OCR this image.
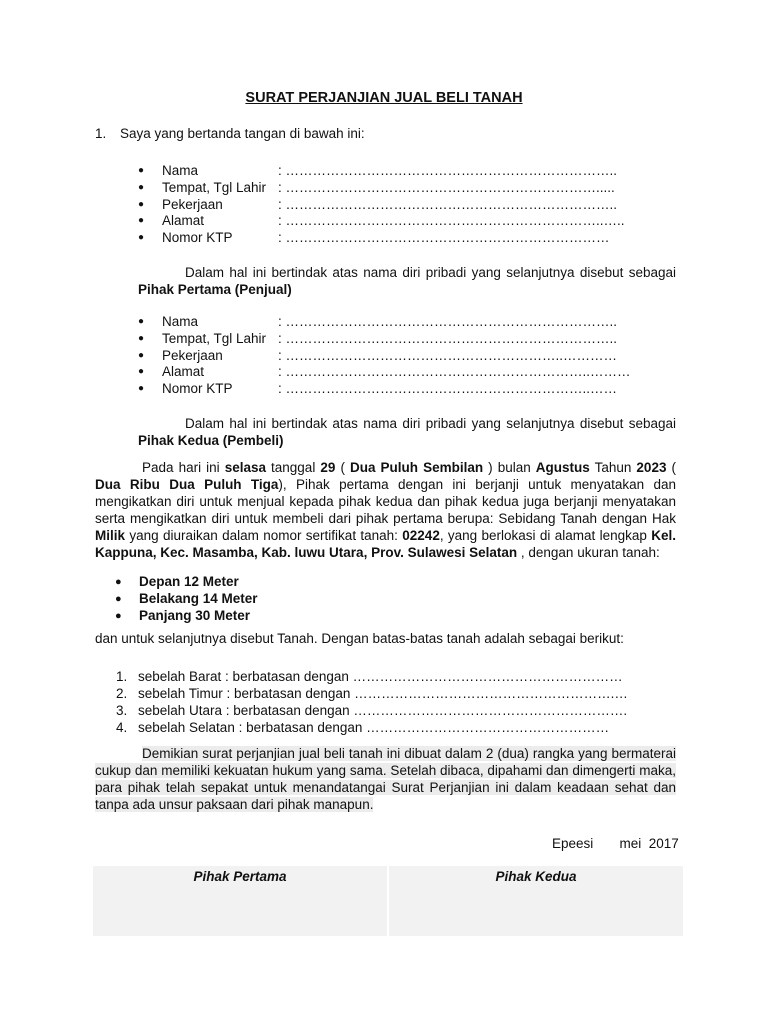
SURAT PERJANJIAN JUAL BELI TANAH
1. Saya yang bertanda tangan di bawah ini:
● Nama	: ………………………………………………………………..
● Tempat, Tgl Lahir : …………………………………………………………….....
● Pekerjaan	: ………………………………………………………………..
● Alamat	: ……………………………………………………………..…..
● Nomor KTP	: ………………………………………………………………

Dalam hal ini bertindak atas nama diri pribadi yang selanjutnya disebut sebagai Pihak Pertama (Penjual)

● Nama	: ………………………………………………………………..
● Tempat, Tgl Lahir : ………………………………………………………………..
● Pekerjaan	: ……………………………………………………..…………
● Alamat	: …………………………………………………………..………
● Nomor KTP	: …………………………………………………………..……

Dalam hal ini bertindak atas nama diri pribadi yang selanjutnya disebut sebagai Pihak Kedua (Pembeli)

Pada hari ini selasa tanggal 29 ( Dua Puluh Sembilan ) bulan Agustus Tahun 2023 ( Dua Ribu Dua Puluh Tiga), Pihak pertama dengan ini berjanji untuk menyatakan dan mengikatkan diri untuk menjual kepada pihak kedua dan pihak kedua juga berjanji menyatakan serta mengikatkan diri untuk membeli dari pihak pertama berupa: Sebidang Tanah dengan Hak Milik yang diuraikan dalam nomor sertifikat tanah: 02242, yang berlokasi di alamat lengkap Kel. Kappuna, Kec. Masamba, Kab. luwu Utara, Prov. Sulawesi Selatan , dengan ukuran tanah:

● Depan 12 Meter
● Belakang 14 Meter
● Panjang 30 Meter
dan untuk selanjutnya disebut Tanah. Dengan batas-batas tanah adalah sebagai berikut:
1. sebelah Barat : berbatasan dengan ……………………………………………………
2. sebelah Timur : berbatasan dengan ………………………………………………….…
3. sebelah Utara : berbatasan dengan …………………………………………………….
4. sebelah Selatan : berbatasan dengan ………………………………………………

Demikian surat perjanjian jual beli tanah ini dibuat dalam 2 (dua) rangka yang bermaterai cukup dan memiliki kekuatan hukum yang sama. Setelah dibaca, dipahami dan dimengerti maka, para pihak telah sepakat untuk menandatangai Surat Perjanjian ini dalam keadaan sehat dan tanpa ada unsur paksaan dari pihak manapun.

Epeesi       mei  2017
Pihak Pertama	Pihak Kedua
